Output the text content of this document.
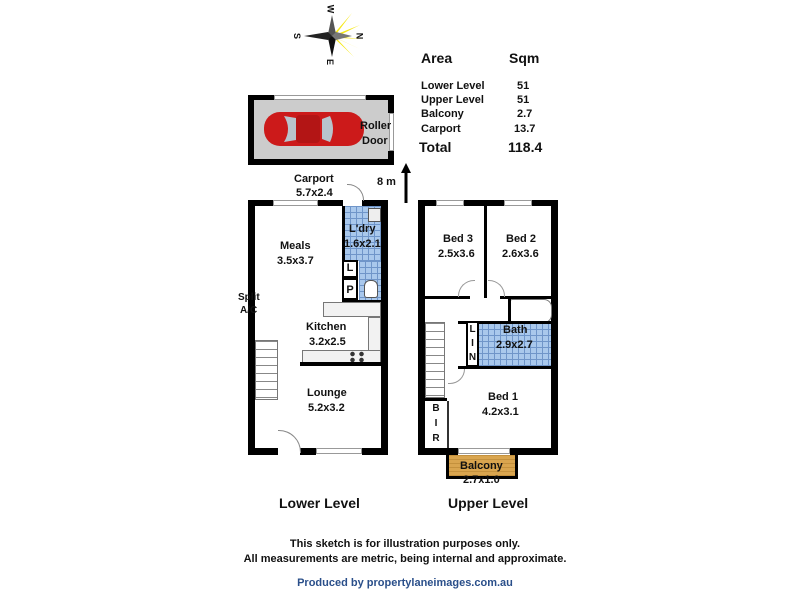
W
E
S	N
Area	Sqm
Lower Level	51
Upper Level	51
Balcony	2.7
Carport	13.7
Total	118.4
Roller
Door
Carport
5.7x2.4
8 m
L
P
Meals
3.5x3.7
L'dry
1.6x2.1
Kitchen
3.2x2.5
Lounge
5.2x3.2
Split
A/C
L
I
N
B
I
R
Bed 3
2.5x3.6
Bed 2
2.6x3.6
Bath
2.9x2.7
Bed 1
4.2x3.1
Balcony
2.7x1.0
Lower Level	Upper Level
This sketch is for illustration purposes only.
All measurements are metric, being internal and approximate.
Produced by propertylaneimages.com.au
